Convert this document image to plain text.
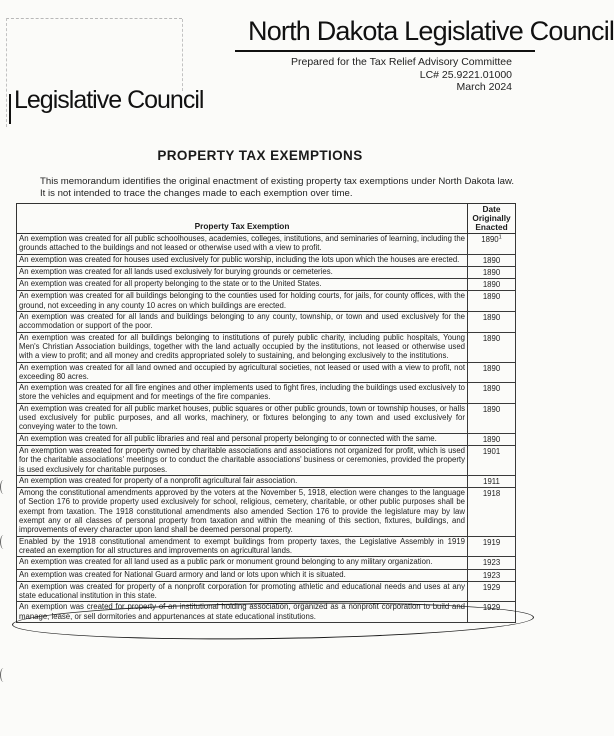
North Dakota Legislative Council
Prepared for the Tax Relief Advisory Committee
LC# 25.9221.01000
March 2024
Legislative Council
PROPERTY TAX EXEMPTIONS
This memorandum identifies the original enactment of existing property tax exemptions under North Dakota law. It is not intended to trace the changes made to each exemption over time.
Property Tax Exemption	Date Originally Enacted
An exemption was created for all public schoolhouses, academies, colleges, institutions, and seminaries of learning, including the grounds attached to the buildings and not leased or otherwise used with a view to profit.	1890$^1$
An exemption was created for houses used exclusively for public worship, including the lots upon which the houses are erected.	1890
An exemption was created for all lands used exclusively for burying grounds or cemeteries.	1890
An exemption was created for all property belonging to the state or to the United States.	1890
An exemption was created for all buildings belonging to the counties used for holding courts, for jails, for county offices, with the ground, not exceeding in any county 10 acres on which buildings are erected.	1890
An exemption was created for all lands and buildings belonging to any county, township, or town and used exclusively for the accommodation or support of the poor.	1890
An exemption was created for all buildings belonging to institutions of purely public charity, including public hospitals, Young Men's Christian Association buildings, together with the land actually occupied by the institutions, not leased or otherwise used with a view to profit; and all money and credits appropriated solely to sustaining, and belonging exclusively to the institutions.	1890
An exemption was created for all land owned and occupied by agricultural societies, not leased or used with a view to profit, not exceeding 80 acres.	1890
An exemption was created for all fire engines and other implements used to fight fires, including the buildings used exclusively to store the vehicles and equipment and for meetings of the fire companies.	1890
An exemption was created for all public market houses, public squares or other public grounds, town or township houses, or halls used exclusively for public purposes, and all works, machinery, or fixtures belonging to any town and used exclusively for conveying water to the town.	1890
An exemption was created for all public libraries and real and personal property belonging to or connected with the same.	1890
An exemption was created for property owned by charitable associations and associations not organized for profit, which is used for the charitable associations' meetings or to conduct the charitable associations' business or ceremonies, provided the property is used exclusively for charitable purposes.	1901
An exemption was created for property of a nonprofit agricultural fair association.	1911
Among the constitutional amendments approved by the voters at the November 5, 1918, election were changes to the language of Section 176 to provide property used exclusively for school, religious, cemetery, charitable, or other public purposes shall be exempt from taxation. The 1918 constitutional amendments also amended Section 176 to provide the legislature may by law exempt any or all classes of personal property from taxation and within the meaning of this section, fixtures, buildings, and improvements of every character upon land shall be deemed personal property.	1918
Enabled by the 1918 constitutional amendment to exempt buildings from property taxes, the Legislative Assembly in 1919 created an exemption for all structures and improvements on agricultural lands.	1919
An exemption was created for all land used as a public park or monument ground belonging to any military organization.	1923
An exemption was created for National Guard armory and land or lots upon which it is situated.	1923
An exemption was created for property of a nonprofit corporation for promoting athletic and educational needs and uses at any state educational institution in this state.	1929
An exemption was created for property of an institutional holding association, organized as a nonprofit corporation to build and manage, lease, or sell dormitories and appurtenances at state educational institutions.	1929
